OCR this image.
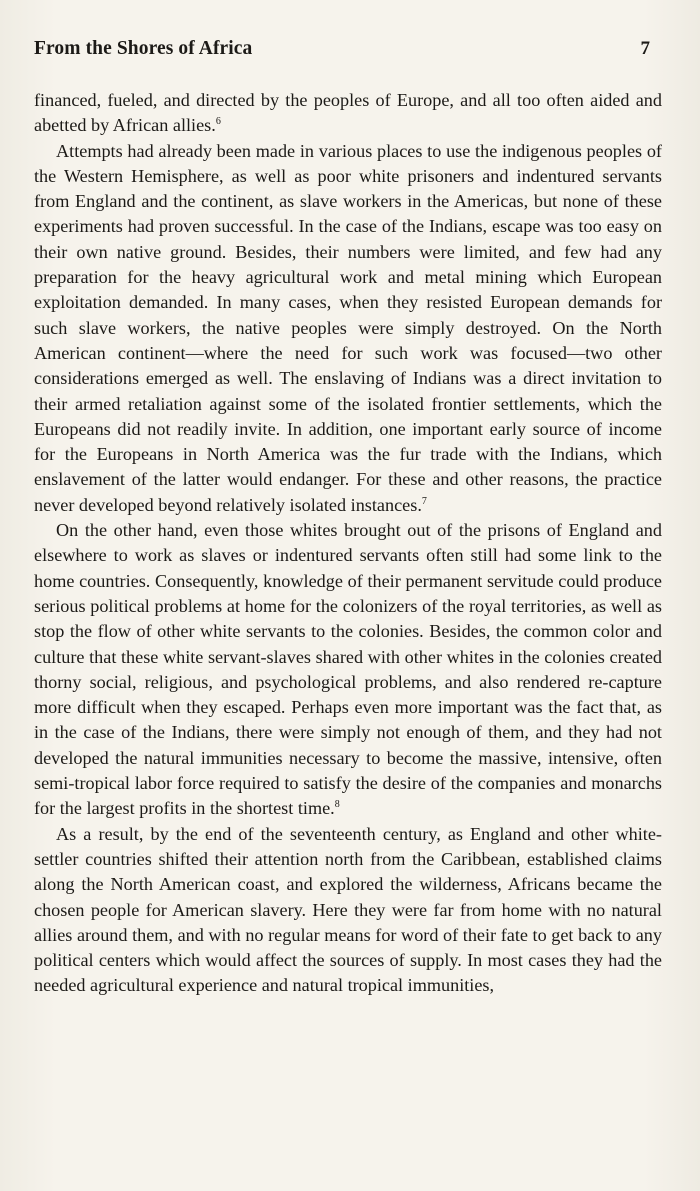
From the Shores of Africa	7

financed, fueled, and directed by the peoples of Europe, and all too often aided and abetted by African allies.$^6$

Attempts had already been made in various places to use the indigenous peoples of the Western Hemisphere, as well as poor white prisoners and indentured servants from England and the continent, as slave workers in the Americas, but none of these experiments had proven successful. In the case of the Indians, escape was too easy on their own native ground. Besides, their numbers were limited, and few had any preparation for the heavy agricultural work and metal mining which European exploitation demanded. In many cases, when they resisted European demands for such slave workers, the native peoples were simply destroyed. On the North American continent—where the need for such work was focused—two other considerations emerged as well. The enslaving of Indians was a direct invitation to their armed retaliation against some of the isolated frontier settlements, which the Europeans did not readily invite. In addition, one important early source of income for the Europeans in North America was the fur trade with the Indians, which enslavement of the latter would endanger. For these and other reasons, the practice never developed beyond relatively isolated instances.$^7$

On the other hand, even those whites brought out of the prisons of England and elsewhere to work as slaves or indentured servants often still had some link to the home countries. Consequently, knowledge of their permanent servitude could produce serious political problems at home for the colonizers of the royal territories, as well as stop the flow of other white servants to the colonies. Besides, the common color and culture that these white servant-slaves shared with other whites in the colonies created thorny social, religious, and psychological problems, and also rendered re-capture more difficult when they escaped. Perhaps even more important was the fact that, as in the case of the Indians, there were simply not enough of them, and they had not developed the natural immunities necessary to become the massive, intensive, often semi-tropical labor force required to satisfy the desire of the companies and monarchs for the largest profits in the shortest time.$^8$

As a result, by the end of the seventeenth century, as England and other white-settler countries shifted their attention north from the Caribbean, established claims along the North American coast, and explored the wilderness, Africans became the chosen people for American slavery. Here they were far from home with no natural allies around them, and with no regular means for word of their fate to get back to any political centers which would affect the sources of supply. In most cases they had the needed agricultural experience and natural tropical immunities,
